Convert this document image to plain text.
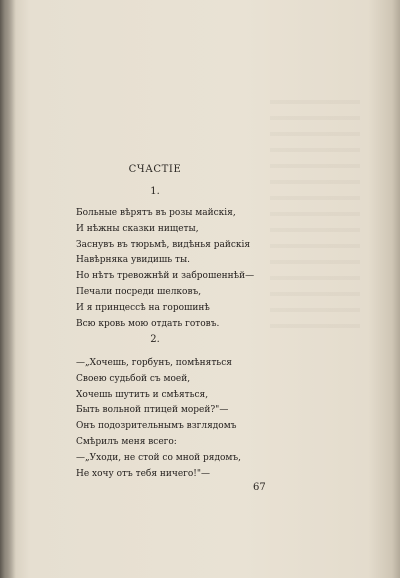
СЧАСТІЕ
1.
Больные вѣрятъ въ розы майскія,
И нѣжны сказки нищеты,
Заснувъ въ тюрьмѣ, видѣнья райскія
Навѣрняка увидишь ты.
Но нѣтъ тревожнѣй и заброшеннѣй—
Печали посреди шелковъ,
И я принцессѣ на горошинѣ
Всю кровь мою отдать готовъ.
2.
—„Хочешь, горбунъ, помѣняться
Своею судьбой съ моей,
Хочешь шутить и смѣяться,
Быть вольной птицей морей?"—
Онъ подозрительнымъ взглядомъ
Смѣрилъ меня всего:
—„Уходи, не стой со мной рядомъ,
Не хочу отъ тебя ничего!"—
67
